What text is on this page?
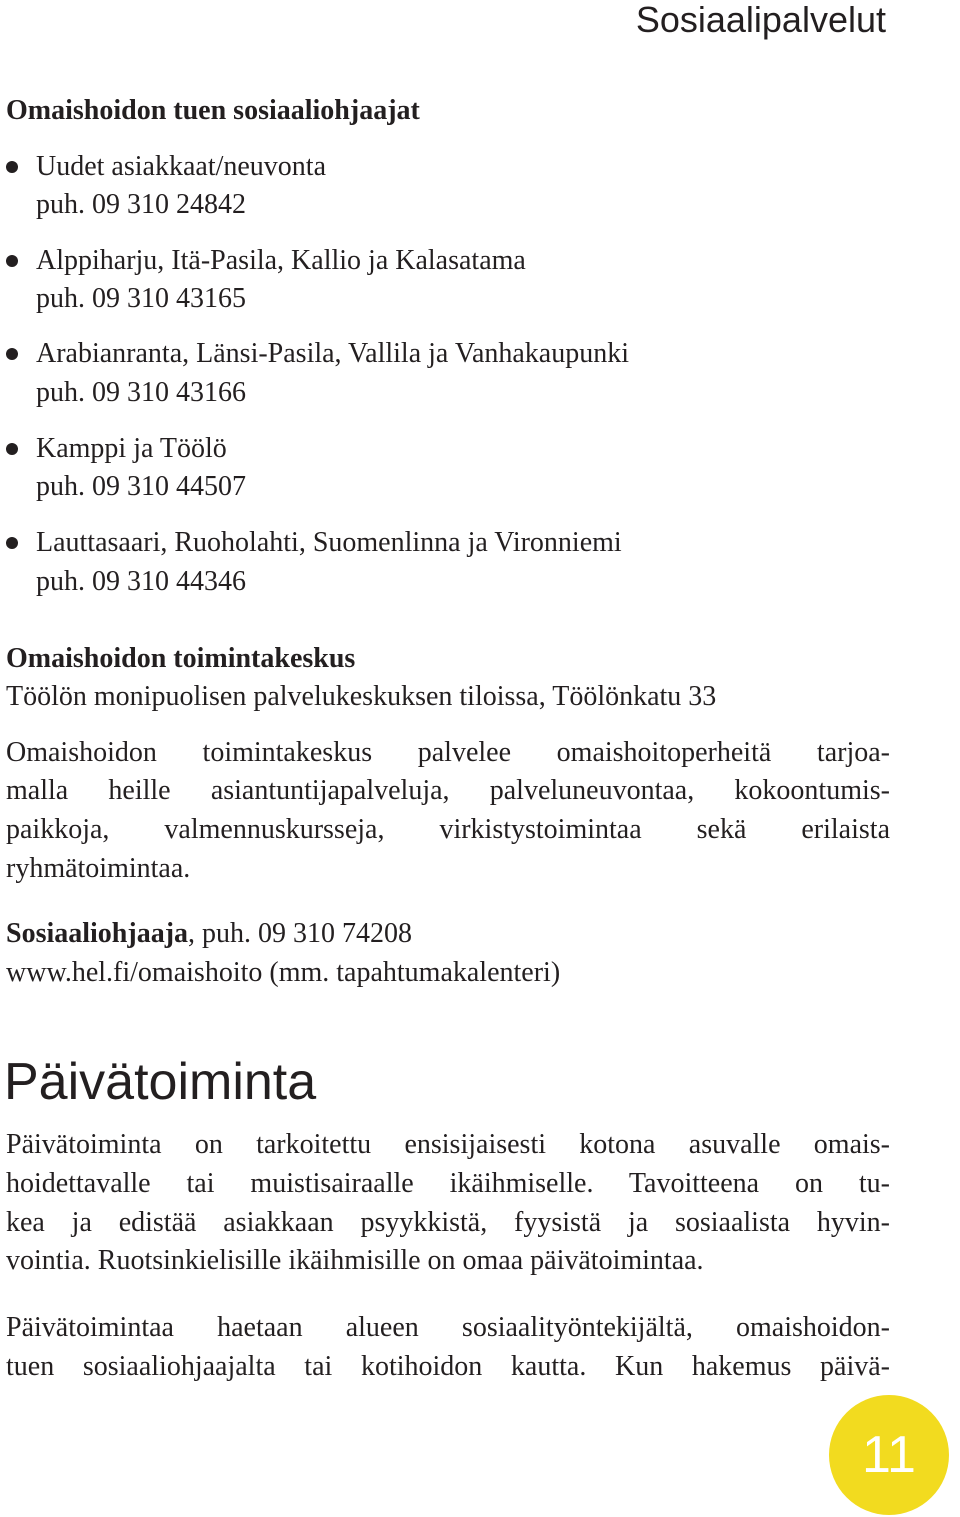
Sosiaalipalvelut
Omaishoidon tuen sosiaaliohjaajat
Uudet asiakkaat/neuvonta
puh. 09 310 24842
Alppiharju, Itä-Pasila, Kallio ja Kalasatama
puh. 09 310 43165
Arabianranta, Länsi-Pasila, Vallila ja Vanhakaupunki
puh. 09 310 43166
Kamppi ja Töölö
puh. 09 310 44507
Lauttasaari, Ruoholahti, Suomenlinna ja Vironniemi
puh. 09 310 44346
Omaishoidon toimintakeskus
Töölön monipuolisen palvelukeskuksen tiloissa, Töölönkatu 33
Omaishoidon toimintakeskus palvelee omaishoitoperheitä tarjoa-
malla heille asiantuntijapalveluja, palveluneuvontaa, kokoontumis-
paikkoja, valmennuskursseja, virkistystoimintaa sekä erilaista
ryhmätoimintaa.
Sosiaaliohjaaja, puh. 09 310 74208
www.hel.fi/omaishoito (mm. tapahtumakalenteri)
Päivätoiminta
Päivätoiminta on tarkoitettu ensisijaisesti kotona asuvalle omais-
hoidettavalle tai muistisairaalle ikäihmiselle. Tavoitteena on tu-
kea ja edistää asiakkaan psyykkistä, fyysistä ja sosiaalista hyvin-
vointia. Ruotsinkielisille ikäihmisille on omaa päivätoimintaa.
Päivätoimintaa haetaan alueen sosiaalityöntekijältä, omaishoidon-
tuen sosiaaliohjaajalta tai kotihoidon kautta. Kun hakemus päivä-
11
